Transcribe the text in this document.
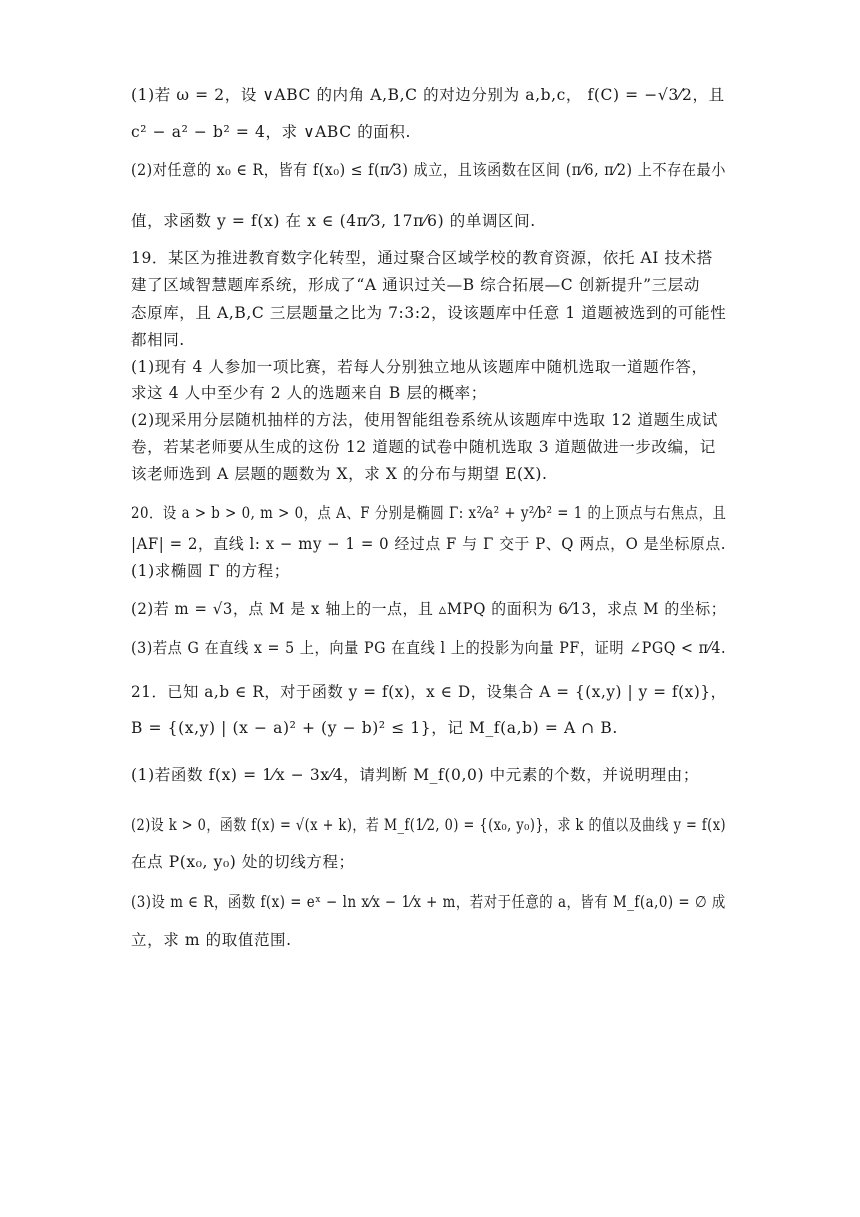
(1)若 ω = 2，设 ∨ABC 的内角 A,B,C 的对边分别为 a,b,c， f(C) = −√3⁄2，且
c² − a² − b² = 4，求 ∨ABC 的面积.
(2)对任意的 x₀ ∈ R，皆有 f(x₀) ≤ f(π⁄3) 成立，且该函数在区间 (π⁄6, π⁄2) 上不存在最小
值，求函数 y = f(x) 在 x ∈ (4π⁄3, 17π⁄6) 的单调区间.
19．某区为推进教育数字化转型，通过聚合区域学校的教育资源，依托 AI 技术搭
建了区域智慧题库系统，形成了“A 通识过关—B 综合拓展—C 创新提升”三层动
态原库，且 A,B,C 三层题量之比为 7:3:2，设该题库中任意 1 道题被选到的可能性
都相同.
(1)现有 4 人参加一项比赛，若每人分别独立地从该题库中随机选取一道题作答，
求这 4 人中至少有 2 人的选题来自 B 层的概率；
(2)现采用分层随机抽样的方法，使用智能组卷系统从该题库中选取 12 道题生成试
卷，若某老师要从生成的这份 12 道题的试卷中随机选取 3 道题做进一步改编，记
该老师选到 A 层题的题数为 X，求 X 的分布与期望 E(X).
20．设 a > b > 0, m > 0，点 A、F 分别是椭圆 Γ: x²⁄a² + y²⁄b² = 1 的上顶点与右焦点，且
|AF| = 2，直线 l: x − my − 1 = 0 经过点 F 与 Γ 交于 P、Q 两点，O 是坐标原点.
(1)求椭圆 Γ 的方程；
(2)若 m = √3，点 M 是 x 轴上的一点，且 ▵MPQ 的面积为 6⁄13，求点 M 的坐标；
(3)若点 G 在直线 x = 5 上，向量 PG 在直线 l 上的投影为向量 PF，证明 ∠PGQ < π⁄4.
21．已知 a,b ∈ R，对于函数 y = f(x)，x ∈ D，设集合 A = {(x,y) | y = f(x)}，
B = {(x,y) | (x − a)² + (y − b)² ≤ 1}，记 M_f(a,b) = A ∩ B.
(1)若函数 f(x) = 1⁄x − 3x⁄4，请判断 M_f(0,0) 中元素的个数，并说明理由；
(2)设 k > 0，函数 f(x) = √(x + k)，若 M_f(1⁄2, 0) = {(x₀, y₀)}，求 k 的值以及曲线 y = f(x)
在点 P(x₀, y₀) 处的切线方程；
(3)设 m ∈ R，函数 f(x) = eˣ − ln x⁄x − 1⁄x + m，若对于任意的 a，皆有 M_f(a,0) = ∅ 成
立，求 m 的取值范围.
